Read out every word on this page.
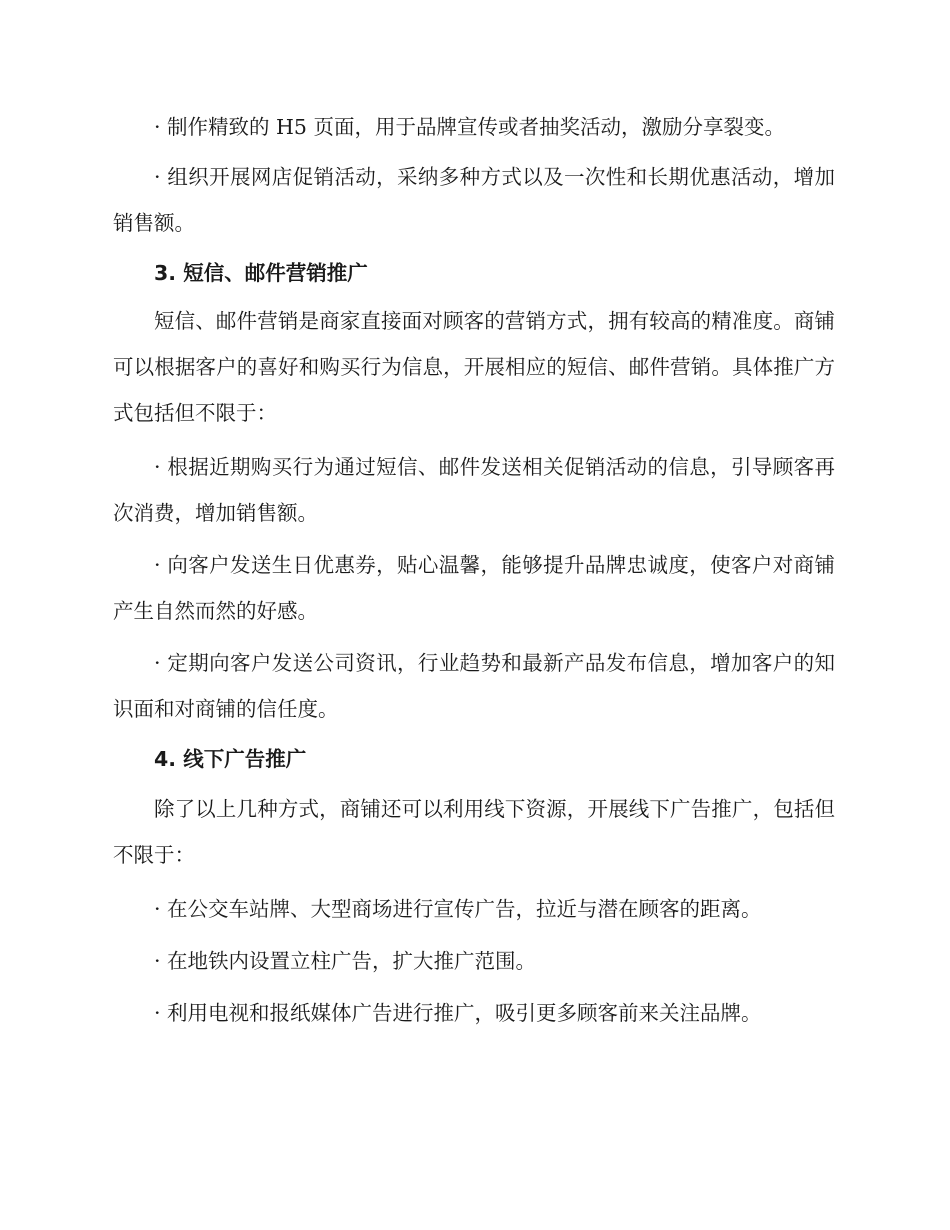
· 制作精致的 H5 页面，用于品牌宣传或者抽奖活动，激励分享裂变。

· 组织开展网店促销活动，采纳多种方式以及一次性和长期优惠活动，增加销售额。

3. 短信、邮件营销推广

短信、邮件营销是商家直接面对顾客的营销方式，拥有较高的精准度。商铺可以根据客户的喜好和购买行为信息，开展相应的短信、邮件营销。具体推广方式包括但不限于：

· 根据近期购买行为通过短信、邮件发送相关促销活动的信息，引导顾客再次消费，增加销售额。

· 向客户发送生日优惠券，贴心温馨，能够提升品牌忠诚度，使客户对商铺产生自然而然的好感。

· 定期向客户发送公司资讯，行业趋势和最新产品发布信息，增加客户的知识面和对商铺的信任度。

4. 线下广告推广

除了以上几种方式，商铺还可以利用线下资源，开展线下广告推广，包括但不限于：

· 在公交车站牌、大型商场进行宣传广告，拉近与潜在顾客的距离。

· 在地铁内设置立柱广告，扩大推广范围。

· 利用电视和报纸媒体广告进行推广，吸引更多顾客前来关注品牌。
